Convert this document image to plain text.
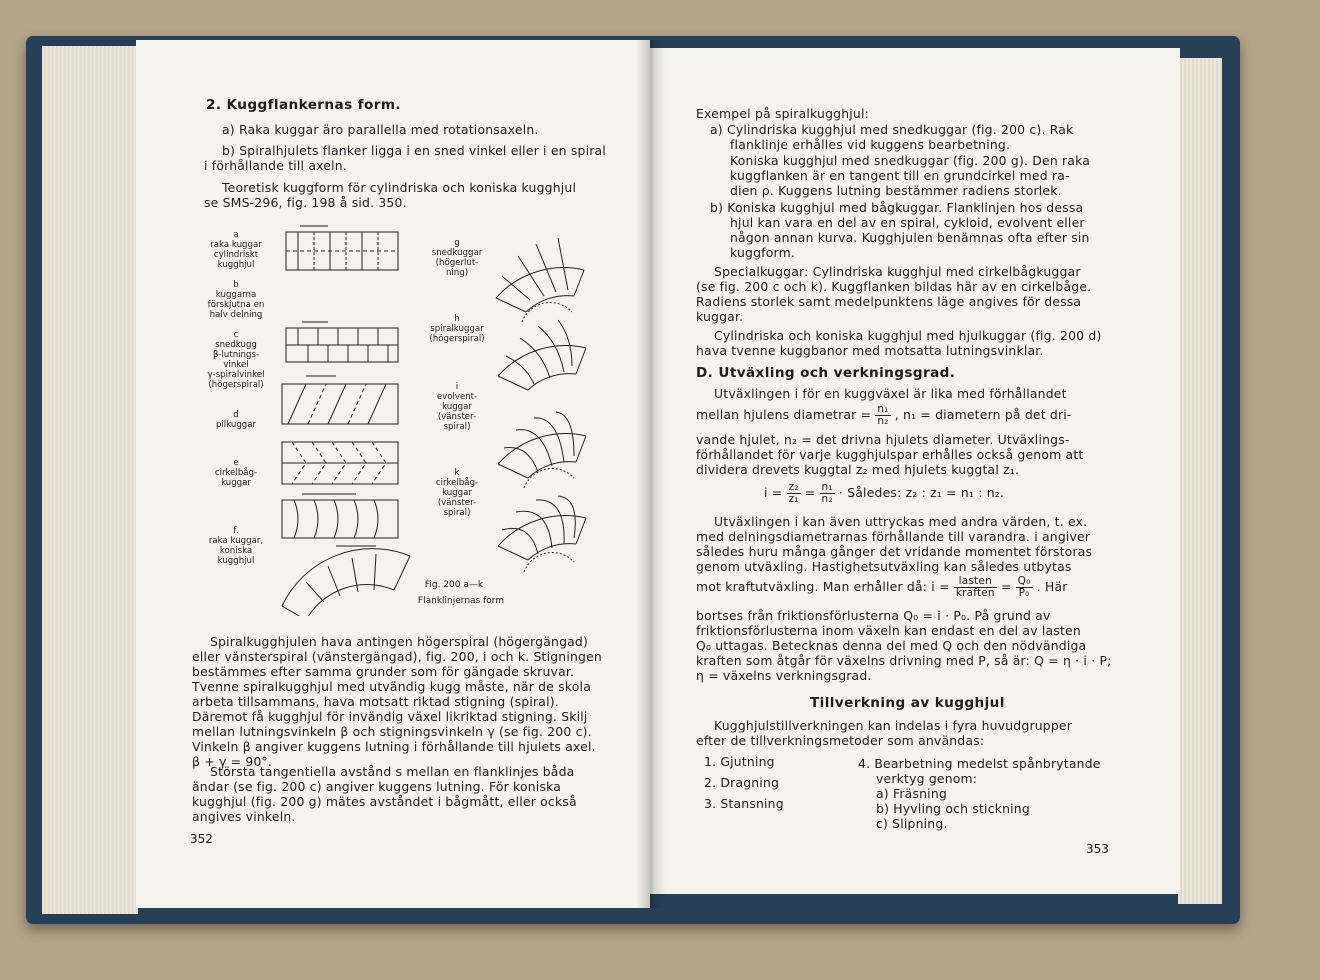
2. Kuggflankernas form.
a) Raka kuggar äro parallella med rotationsaxeln.
b) Spiralhjulets flanker ligga i en sned vinkel eller i en spiral
i förhållande till axeln.
Teoretisk kuggform för cylindriska och koniska kugghjul
se SMS-296, fig. 198 å sid. 350.
a
raka kuggar
cylindriskt
kugghjul
b
kuggarna
förskjutna en
halv delning
c
snedkugg
β-lutnings-
vinkel
γ-spiralvinkel
(högerspiral)
d
pilkuggar
e
cirkelbåg-
kuggar
f.
raka kuggar,
koniska
kugghjul
g
snedkuggar
(högerlut-
ning)
h
spiralkuggar
(högerspiral)
i
evolvent-
kuggar
(vänster-
spiral)
k
cirkelbåg-
kuggar
(vänster-
spiral)
Fig. 200 a—k
Flanklinjernas form
Spiralkugghjulen hava antingen högerspiral (högergängad)
eller vänsterspiral (vänstergängad), fig. 200, i och k. Stigningen
bestämmes efter samma grunder som för gängade skruvar.
Tvenne spiralkugghjul med utvändig kugg måste, när de skola
arbeta tillsammans, hava motsatt riktad stigning (spiral).
Däremot få kugghjul för invändig växel likriktad stigning. Skilj
mellan lutningsvinkeln β och stigningsvinkeln γ (se fig. 200 c).
Vinkeln β angiver kuggens lutning i förhållande till hjulets axel.
β + γ = 90°.
Största tangentiella avstånd s mellan en flanklinjes båda
ändar (se fig. 200 c) angiver kuggens lutning. För koniska
kugghjul (fig. 200 g) mätes avståndet i bågmått, eller också
angives vinkeln.
352
Exempel på spiralkugghjul:
a) Cylindriska kugghjul med snedkuggar (fig. 200 c). Rak
flanklinje erhålles vid kuggens bearbetning.
Koniska kugghjul med snedkuggar (fig. 200 g). Den raka
kuggflanken är en tangent till en grundcirkel med ra-
dien ρ. Kuggens lutning bestämmer radiens storlek.
b) Koniska kugghjul med bågkuggar. Flanklinjen hos dessa
hjul kan vara en del av en spiral, cykloid, evolvent eller
någon annan kurva. Kugghjulen benämnas ofta efter sin
kuggform.
Specialkuggar: Cylindriska kugghjul med cirkelbågkuggar
(se fig. 200 c och k). Kuggflanken bildas här av en cirkelbåge.
Radiens storlek samt medelpunktens läge angives för dessa
kuggar.
Cylindriska och koniska kugghjul med hjulkuggar (fig. 200 d)
hava tvenne kuggbanor med motsatta lutningsvinklar.
D. Utväxling och verkningsgrad.
Utväxlingen i för en kuggväxel är lika med förhållandet
mellan hjulens diametrar = $\frac{\text{n₁}}{\text{n₂}}$ , n₁ = diametern på det dri-
vande hjulet, n₂ = det drivna hjulets diameter. Utväxlings-
förhållandet för varje kugghjulspar erhålles också genom att
dividera drevets kuggtal z₂ med hjulets kuggtal z₁.
$i = \frac{\text{z₂}}{\text{z₁}} = \frac{\text{n₁}}{\text{n₂}}$ · Således: z₂ : z₁ = n₁ : n₂.
Utväxlingen i kan även uttryckas med andra värden, t. ex.
med delningsdiametrarnas förhållande till varandra. i angiver
således huru många gånger det vridande momentet förstoras
genom utväxling. Hastighetsutväxling kan således utbytas
mot kraftutväxling. Man erhåller då: $i = \frac{\text{lasten}}{\text{kraften}} = \frac{\text{Q₀}}{\text{P₀}}$ . Här
bortses från friktionsförlusterna Q₀ = i · P₀. På grund av
friktionsförlusterna inom växeln kan endast en del av lasten
Q₀ uttagas. Betecknas denna del med Q och den nödvändiga
kraften som åtgår för växelns drivning med P, så är: Q = η · i · P;
η = växelns verkningsgrad.
Tillverkning av kugghjul
Kugghjulstillverkningen kan indelas i fyra huvudgrupper
efter de tillverkningsmetoder som användas:
1. Gjutning
2. Dragning
3. Stansning
4. Bearbetning medelst spånbrytande
verktyg genom:
a) Fräsning
b) Hyvling och stickning
c) Slipning.
353
